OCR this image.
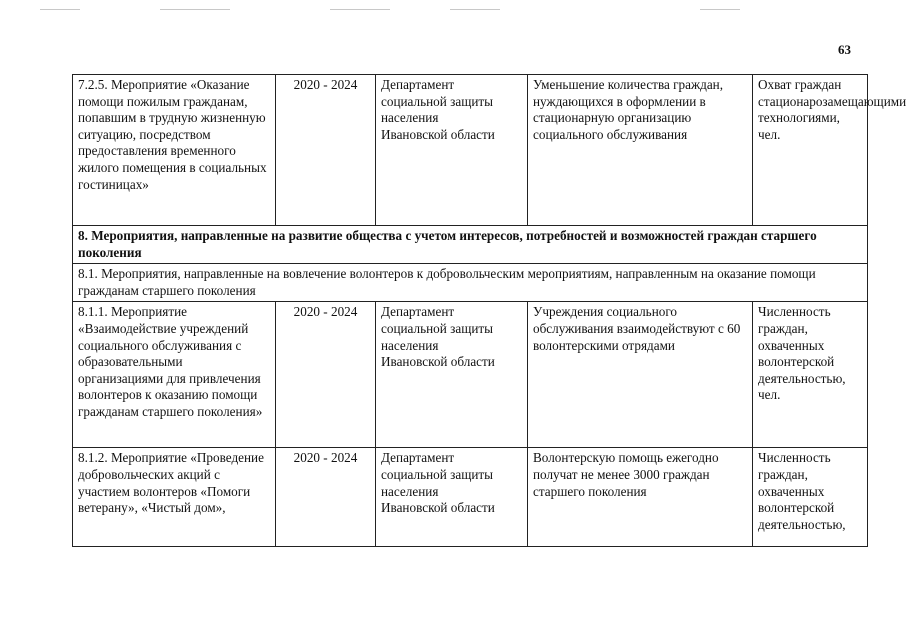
63
7.2.5. Мероприятие «Оказание помощи пожилым гражданам, попавшим в трудную жизненную ситуацию, посредством предоставления временного жилого помещения в социальных гостиницах»	2020 - 2024	Департамент
социальной защиты
населения
Ивановской области	Уменьшение количества граждан, нуждающихся в оформлении в стационарную организацию социального обслуживания	Охват граждан стационарозамещающими технологиями, чел.
8. Мероприятия, направленные на развитие общества с учетом интересов, потребностей и возможностей граждан старшего поколения				
8.1. Мероприятия, направленные на вовлечение волонтеров к добровольческим мероприятиям, направленным на оказание помощи гражданам старшего поколения				
8.1.1. Мероприятие «Взаимодействие учреждений социального обслуживания с образовательными организациями для привлечения волонтеров к оказанию помощи гражданам старшего поколения»	2020 - 2024	Департамент
социальной защиты
населения
Ивановской области	Учреждения социального обслуживания взаимодействуют с 60 волонтерскими отрядами	Численность граждан, охваченных волонтерской деятельностью, чел.
8.1.2. Мероприятие «Проведение добровольческих акций с участием волонтеров «Помоги ветерану», «Чистый дом»,	2020 - 2024	Департамент
социальной защиты
населения
Ивановской области	Волонтерскую помощь ежегодно получат не менее 3000 граждан старшего поколения	Численность граждан, охваченных волонтерской деятельностью,
